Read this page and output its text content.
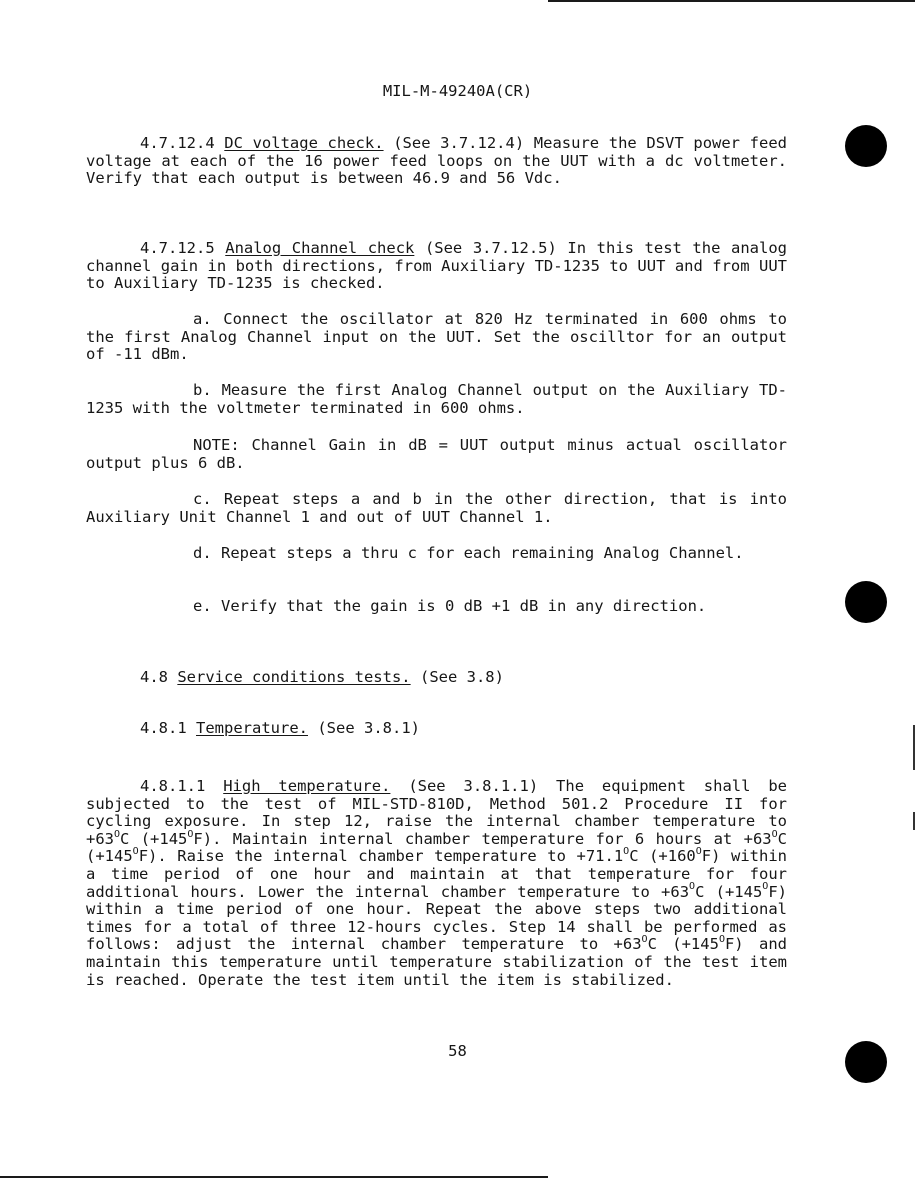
MIL-M-49240A(CR)

4.7.12.4 DC voltage check. (See 3.7.12.4) Measure the DSVT power feed voltage at each of the 16 power feed loops on the UUT with a dc voltmeter. Verify that each output is between 46.9 and 56 Vdc.

4.7.12.5 Analog Channel check (See 3.7.12.5) In this test the analog channel gain in both directions, from Auxiliary TD-1235 to UUT and from UUT to Auxiliary TD-1235 is checked.

a. Connect the oscillator at 820 Hz terminated in 600 ohms to the first Analog Channel input on the UUT. Set the oscilltor for an output of -11 dBm.

b. Measure the first Analog Channel output on the Auxiliary TD-1235 with the voltmeter terminated in 600 ohms.

NOTE: Channel Gain in dB = UUT output minus actual oscillator output plus 6 dB.

c. Repeat steps a and b in the other direction, that is into Auxiliary Unit Channel 1 and out of UUT Channel 1.

d. Repeat steps a thru c for each remaining Analog Channel.

e. Verify that the gain is 0 dB +1 dB in any direction.

4.8 Service conditions tests. (See 3.8)

4.8.1 Temperature. (See 3.8.1)

4.8.1.1 High temperature. (See 3.8.1.1) The equipment shall be subjected to the test of MIL-STD-810D, Method 501.2 Procedure II for cycling exposure. In step 12, raise the internal chamber temperature to $+63^OC$ $(+145^OF)$. Maintain internal chamber temperature for 6 hours at $+63^OC$ $(+145^OF)$. Raise the internal chamber temperature to $+71.1^OC$ $(+160^OF)$ within a time period of one hour and maintain at that temperature for four additional hours. Lower the internal chamber temperature to $+63^OC$ $(+145^OF)$ within a time period of one hour. Repeat the above steps two additional times for a total of three 12-hours cycles. Step 14 shall be performed as follows: adjust the internal chamber temperature to $+63^OC$ $(+145^OF)$ and maintain this temperature until temperature stabilization of the test item is reached. Operate the test item until the item is stabilized.

58
